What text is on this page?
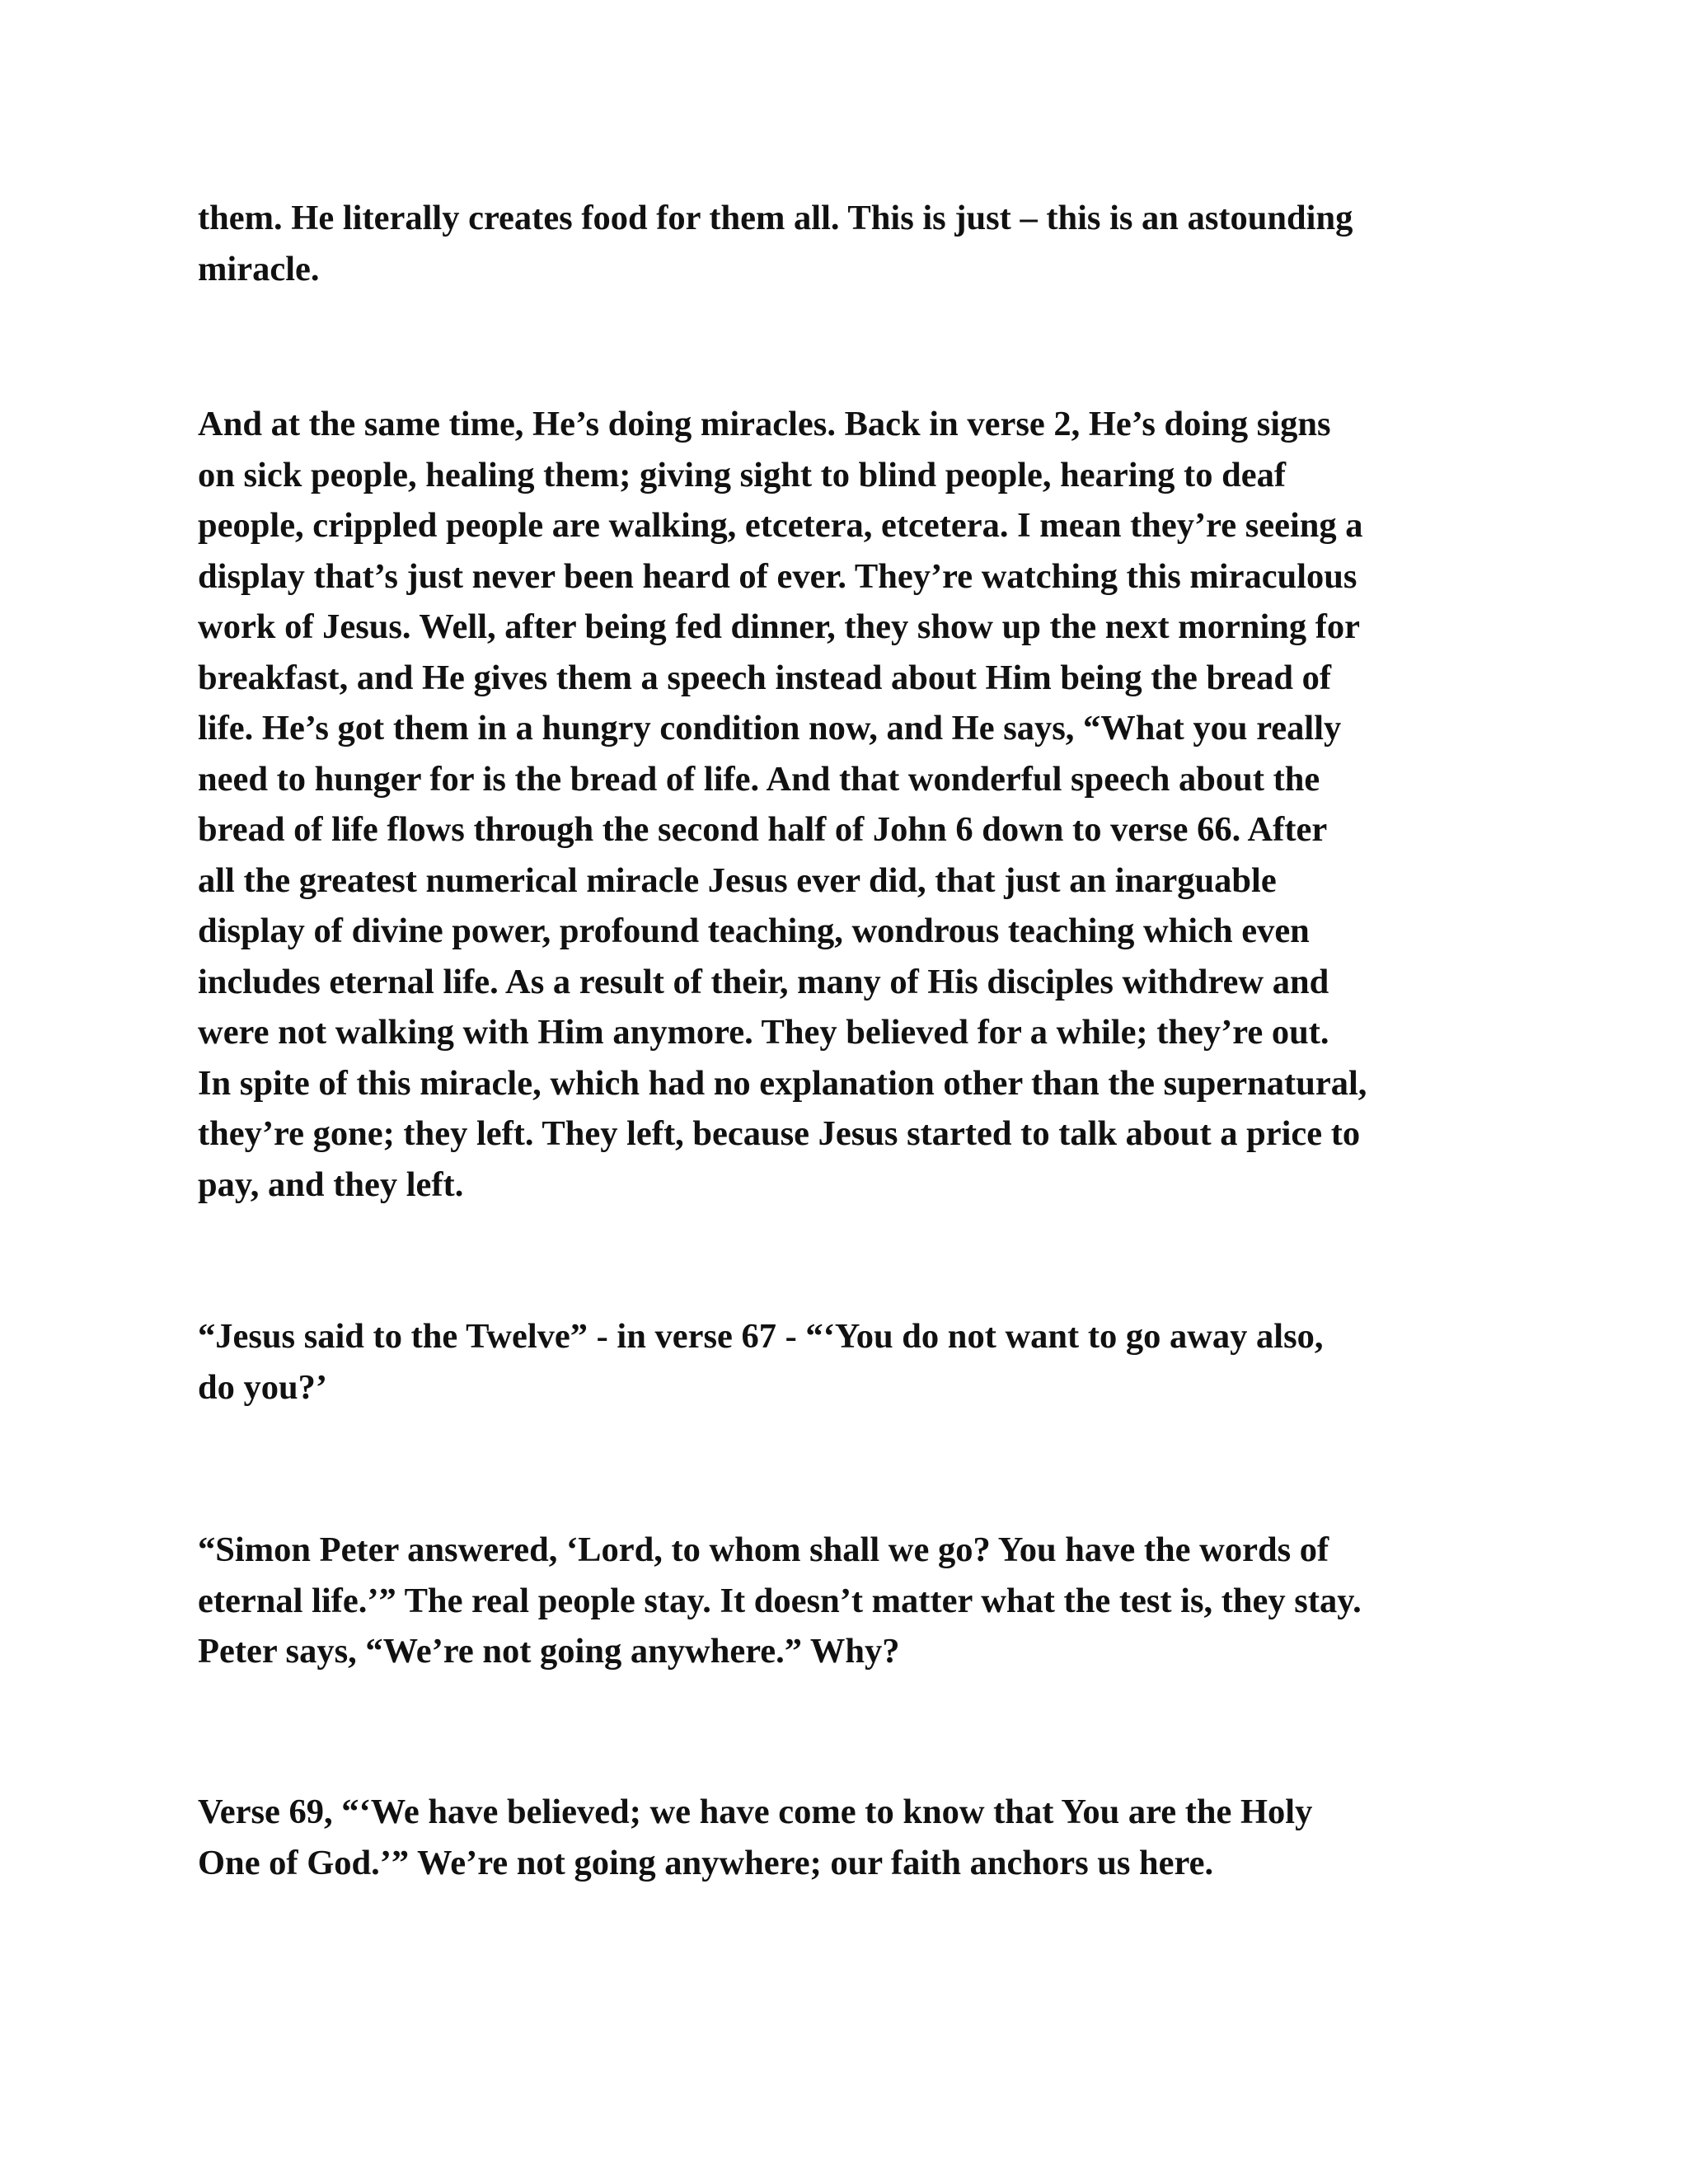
them. He literally creates food for them all. This is just – this is an astounding
miracle.
And at the same time, He’s doing miracles. Back in verse 2, He’s doing signs
on sick people, healing them; giving sight to blind people, hearing to deaf
people, crippled people are walking, etcetera, etcetera. I mean they’re seeing a
display that’s just never been heard of ever. They’re watching this miraculous
work of Jesus. Well, after being fed dinner, they show up the next morning for
breakfast, and He gives them a speech instead about Him being the bread of
life. He’s got them in a hungry condition now, and He says, “What you really
need to hunger for is the bread of life. And that wonderful speech about the
bread of life flows through the second half of John 6 down to verse 66. After
all the greatest numerical miracle Jesus ever did, that just an inarguable
display of divine power, profound teaching, wondrous teaching which even
includes eternal life. As a result of their, many of His disciples withdrew and
were not walking with Him anymore. They believed for a while; they’re out.
In spite of this miracle, which had no explanation other than the supernatural,
they’re gone; they left. They left, because Jesus started to talk about a price to
pay, and they left.
“Jesus said to the Twelve” - in verse 67 - “‘You do not want to go away also,
do you?’
“Simon Peter answered, ‘Lord, to whom shall we go? You have the words of
eternal life.’” The real people stay. It doesn’t matter what the test is, they stay.
Peter says, “We’re not going anywhere.” Why?
Verse 69, “‘We have believed; we have come to know that You are the Holy
One of God.’” We’re not going anywhere; our faith anchors us here.
